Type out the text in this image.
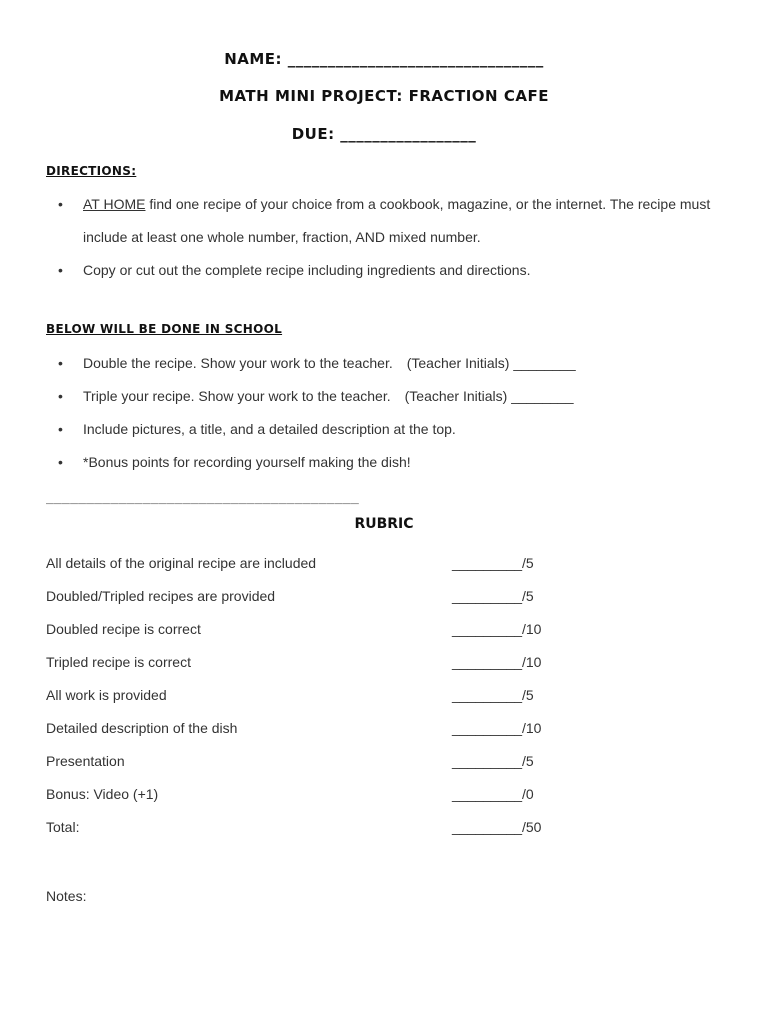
NAME: ________________________________
MATH MINI PROJECT: FRACTION CAFE
DUE: _________________
DIRECTIONS:
• AT HOME find one recipe of your choice from a cookbook, magazine, or the internet. The recipe must include at least one whole number, fraction, AND mixed number.
• Copy or cut out the complete recipe including ingredients and directions.
BELOW WILL BE DONE IN SCHOOL
• Double the recipe. Show your work to the teacher. (Teacher Initials) ________
• Triple your recipe. Show your work to the teacher. (Teacher Initials) ________
• Include pictures, a title, and a detailed description at the top.
• *Bonus points for recording yourself making the dish!
_______________________________________
RUBRIC
All details of the original recipe are included	_________ /5
Doubled/Tripled recipes are provided	_________ /5
Doubled recipe is correct	_________ /10
Tripled recipe is correct	_________ /10
All work is provided	_________ /5
Detailed description of the dish	_________ /10
Presentation	_________ /5
Bonus: Video (+1)	_________ /0
Total:	_________ /50
Notes:
